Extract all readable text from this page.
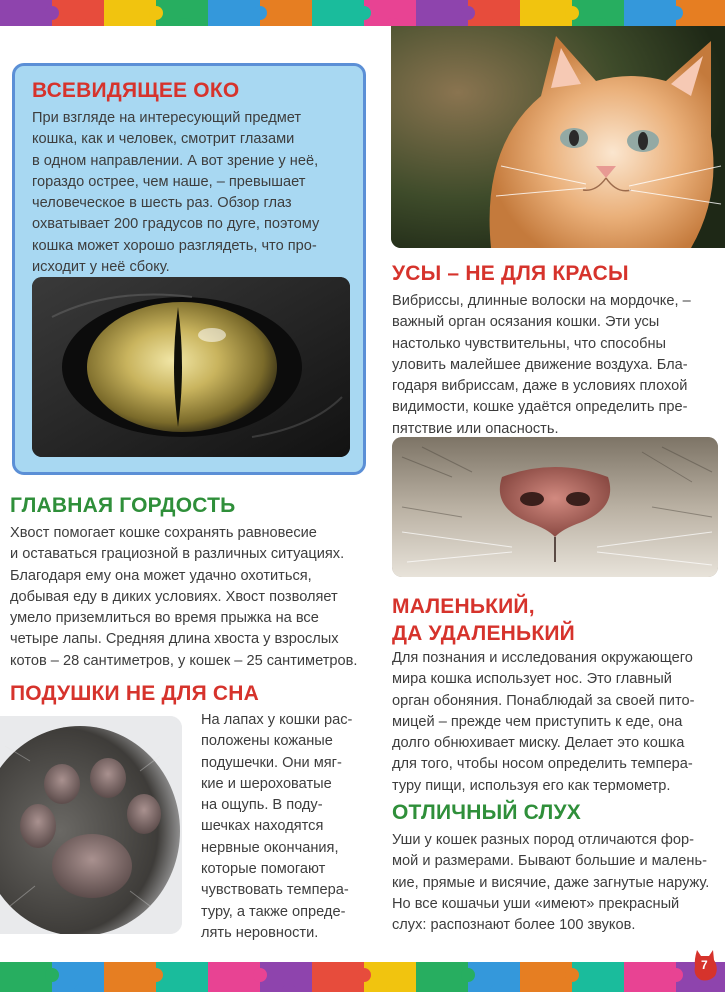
ВСЕВИДЯЩЕЕ ОКО
При взгляде на интересующий предмет
кошка, как и человек, смотрит глазами
в одном направлении. А вот зрение у неё,
гораздо острее, чем наше, – превышает
человеческое в шесть раз. Обзор глаз
охватывает 200 градусов по дуге, поэтому
кошка может хорошо разглядеть, что про-
исходит у неё сбоку.	УСЫ – НЕ ДЛЯ КРАСЫ
Вибриссы, длинные волоски на мордочке, –
важный орган осязания кошки. Эти усы
настолько чувствительны, что способны
уловить малейшее движение воздуха. Бла-
годаря вибриссам, даже в условиях плохой
видимости, кошке удаётся определить пре-
пятствие или опасность.
ГЛАВНАЯ ГОРДОСТЬ
Хвост помогает кошке сохранять равновесие
и оставаться грациозной в различных ситуациях.
Благодаря ему она может удачно охотиться,
добывая еду в диких условиях. Хвост позволяет
умело приземлиться во время прыжка на все
четыре лапы. Средняя длина хвоста у взрослых
котов – 28 сантиметров, у кошек – 25 сантиметров.
МАЛЕНЬКИЙ,
ДА УДАЛЕНЬКИЙ
Для познания и исследования окружающего
мира кошка использует нос. Это главный
орган обоняния. Понаблюдай за своей пито-
мицей – прежде чем приступить к еде, она
долго обнюхивает миску. Делает это кошка
для того, чтобы носом определить темпера-
туру пищи, используя его как термометр.
ПОДУШКИ НЕ ДЛЯ СНА
На лапах у кошки рас-
положены кожаные
подушечки. Они мяг-
кие и шероховатые
на ощупь. В поду-
шечках находятся
нервные окончания,
которые помогают
чувствовать темпера-
туру, а также опреде-
лять неровности.
ОТЛИЧНЫЙ СЛУХ
Уши у кошек разных пород отличаются фор-
мой и размерами. Бывают большие и малень-
кие, прямые и висячие, даже загнутые наружу.
Но все кошачьи уши «имеют» прекрасный
слух: распознают более 100 звуков.
7
